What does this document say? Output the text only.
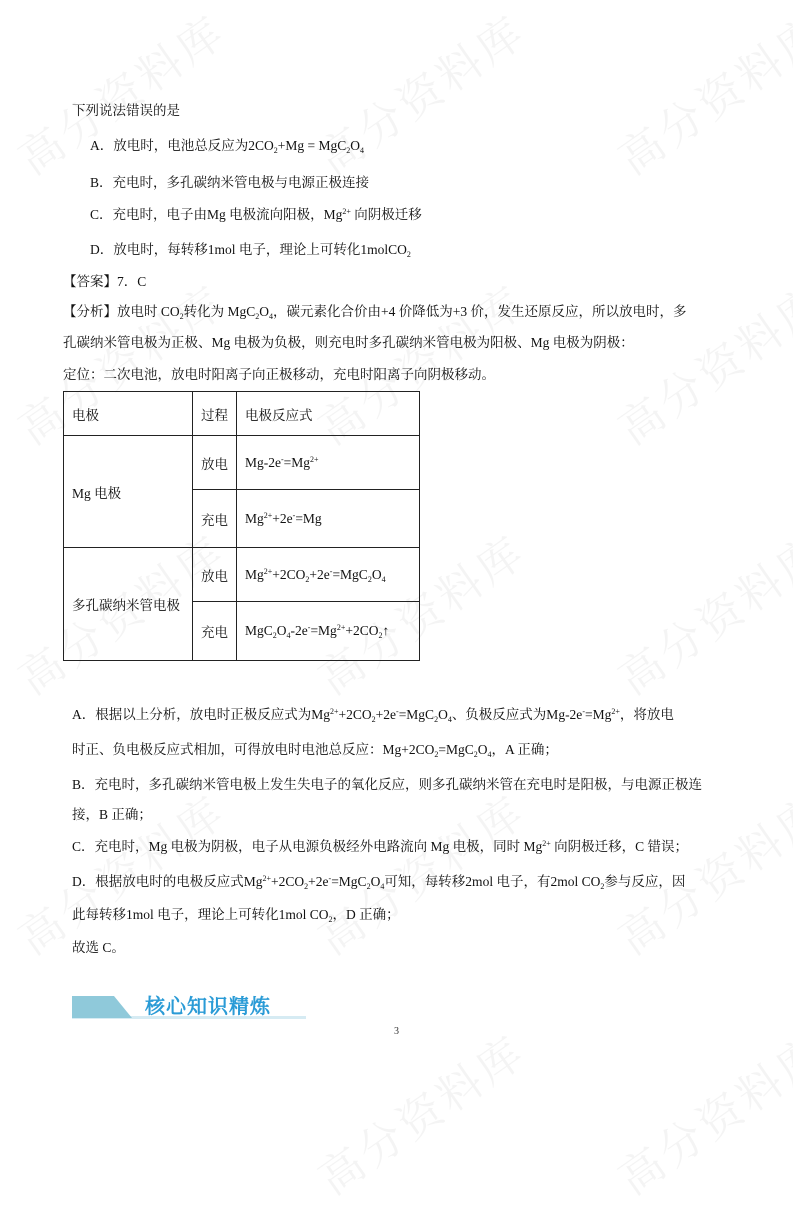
下列说法错误的是
A．放电时，电池总反应为$2CO_2+Mg = MgC_2O_4$
B．充电时，多孔碳纳米管电极与电源正极连接
C．充电时，电子由Mg 电极流向阳极，$Mg^{2+}$ 向阴极迁移
D．放电时，每转移1mol 电子，理论上可转化1molCO$_2$
【答案】7．C
【分析】放电时 $CO_2$转化为 $MgC_2O_4$，碳元素化合价由+4 价降低为+3 价，发生还原反应，所以放电时，多
孔碳纳米管电极为正极、Mg 电极为负极，则充电时多孔碳纳米管电极为阳极、Mg 电极为阴极：
定位：二次电池，放电时阳离子向正极移动，充电时阳离子向阴极移动。
电极	过程	电极反应式
Mg 电极	放电	$Mg-2e^-=Mg^{2+}$
	充电	$Mg^{2+}+2e^-=Mg$
多孔碳纳米管电极	放电	$Mg^{2+}+2CO_2+2e^-=MgC_2O_4$
	充电	$MgC_2O_4-2e^-=Mg^{2+}+2CO_2↑$
A．根据以上分析，放电时正极反应式为$Mg^{2+}+2CO_2+2e^-=MgC_2O_4$、负极反应式为$Mg-2e^-=Mg^{2+}$，将放电
时正、负电极反应式相加，可得放电时电池总反应：$Mg+2CO_2=MgC_2O_4$，A 正确；
B．充电时，多孔碳纳米管电极上发生失电子的氧化反应，则多孔碳纳米管在充电时是阳极，与电源正极连
接，B 正确；
C．充电时，Mg 电极为阴极，电子从电源负极经外电路流向 Mg 电极，同时 $Mg^{2+}$ 向阴极迁移，C 错误；
D．根据放电时的电极反应式$Mg^{2+}+2CO_2+2e^-=MgC_2O_4$可知，每转移2mol 电子，有2mol $CO_2$参与反应，因
此每转移1mol 电子，理论上可转化1mol $CO_2$，D 正确；
故选 C。
核心知识精炼
3
